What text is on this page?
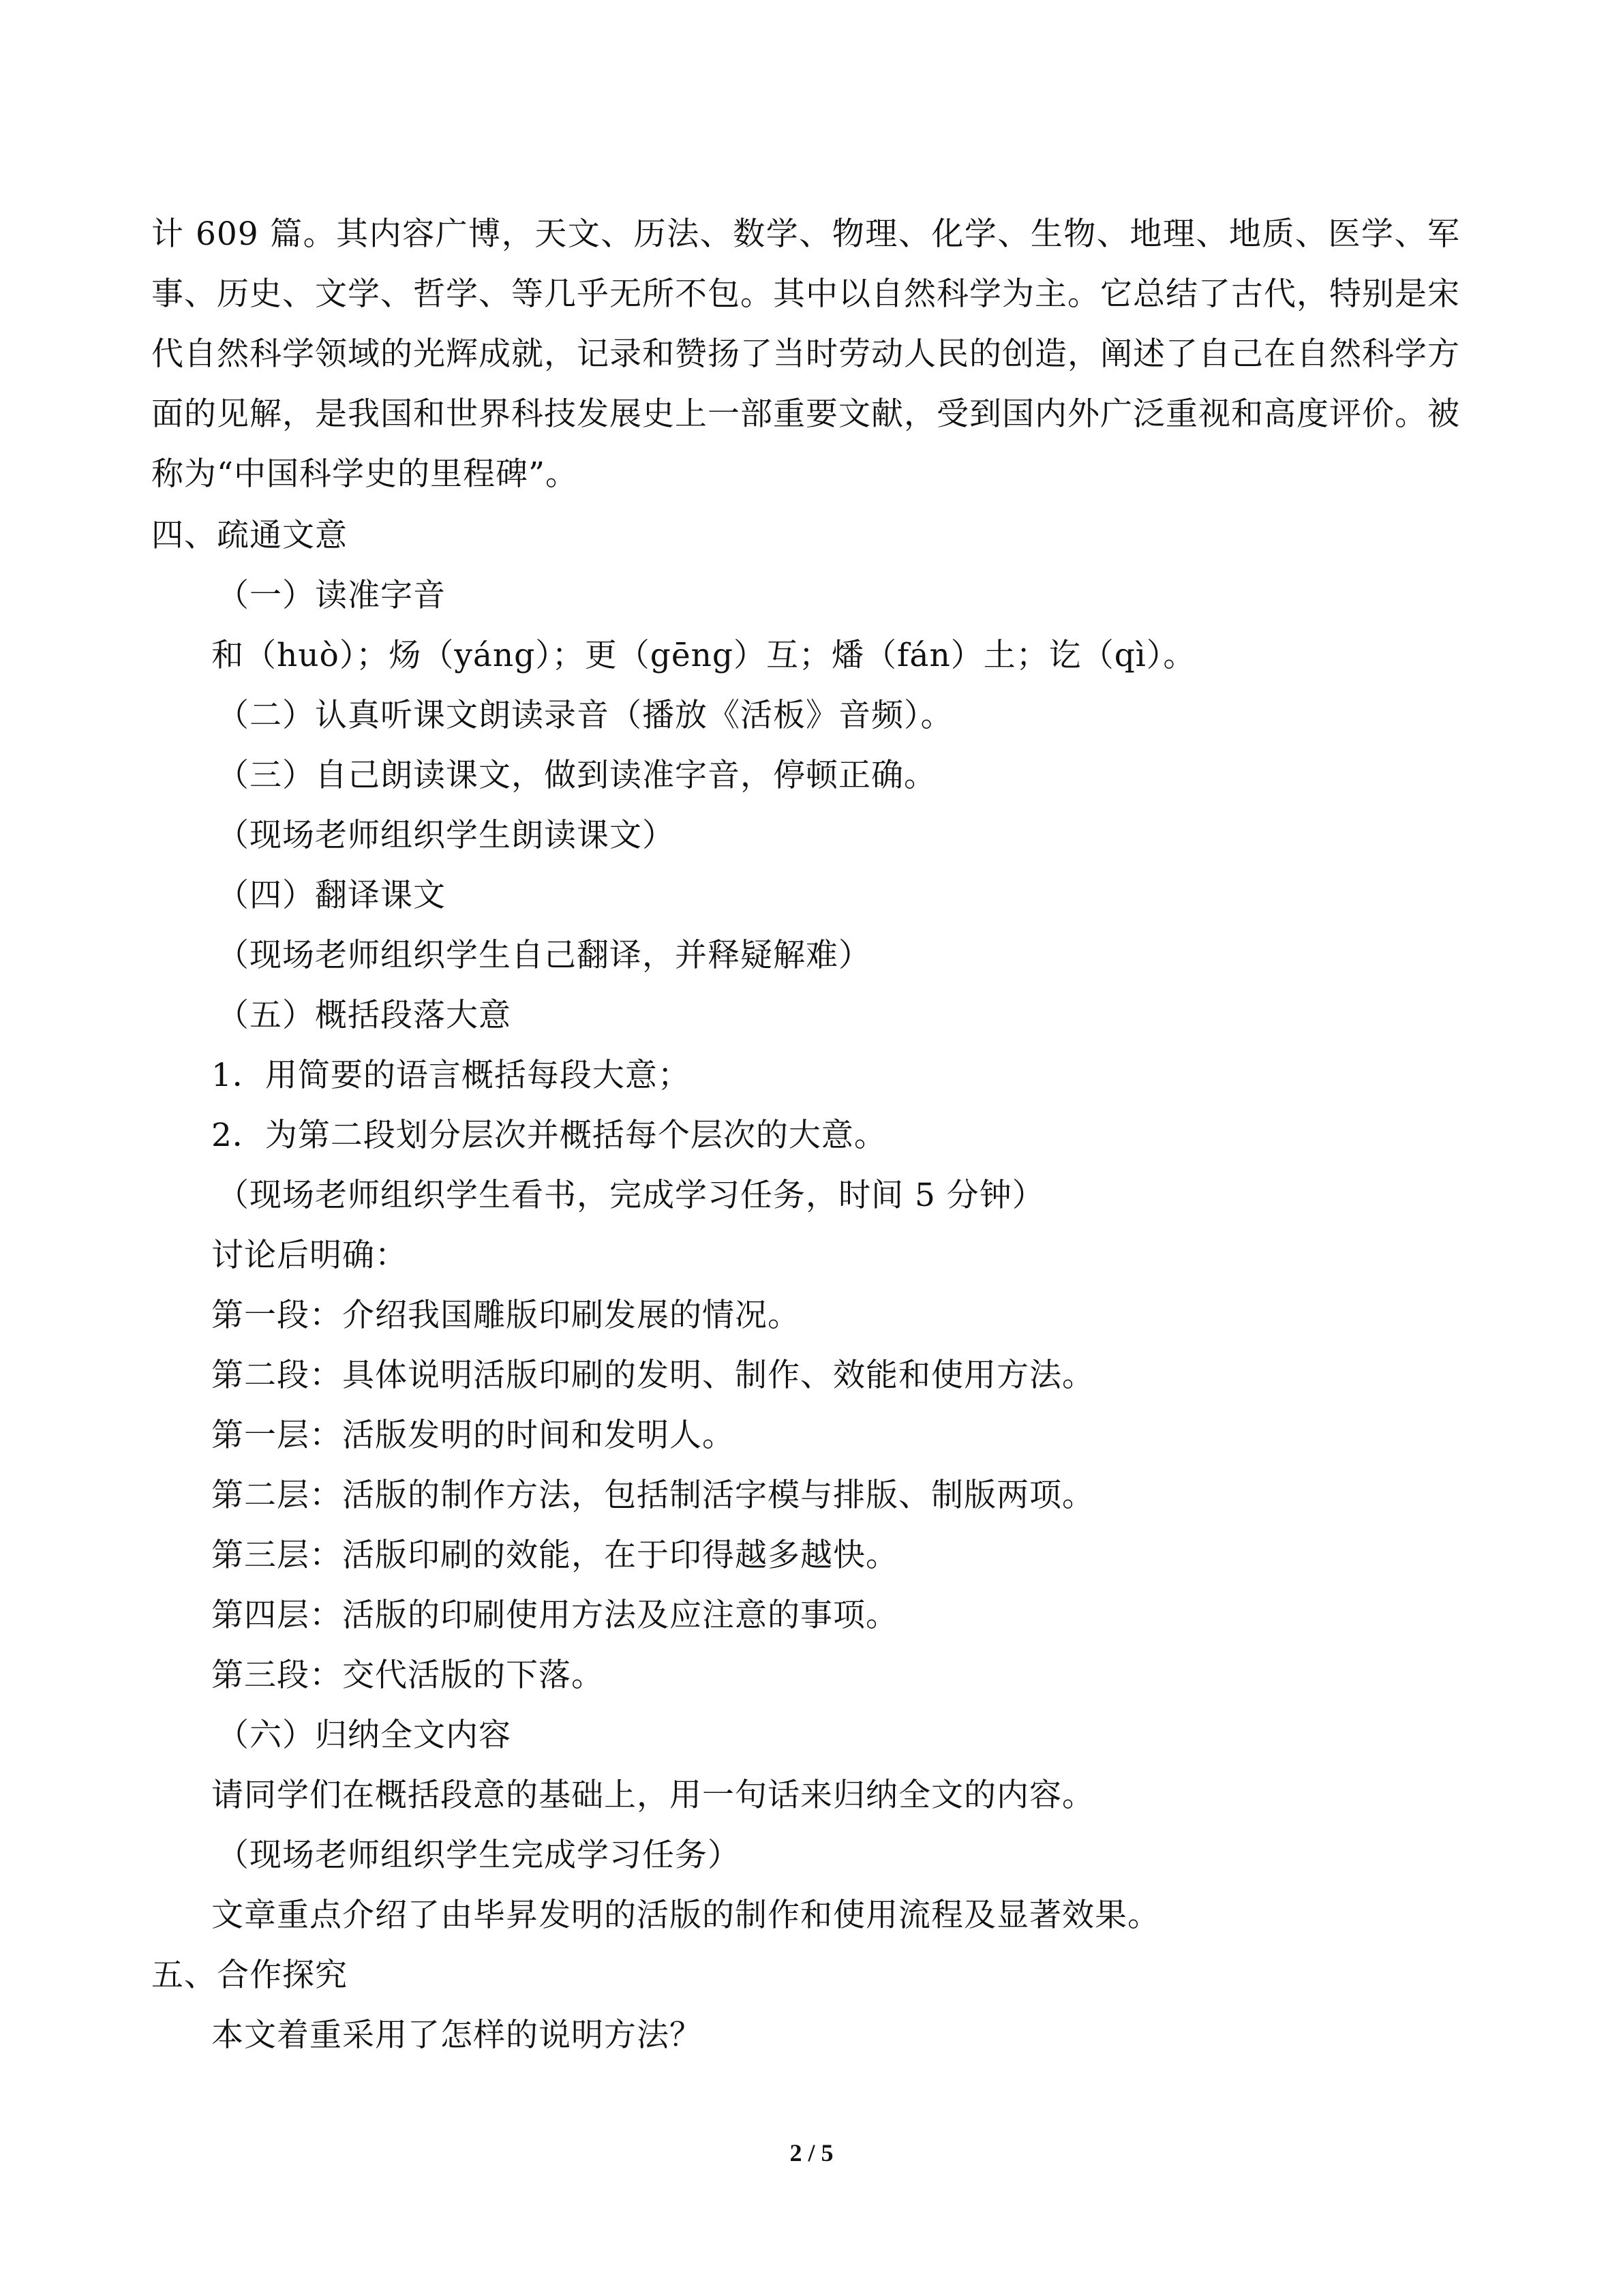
计 609 篇。其内容广博，天文、历法、数学、物理、化学、生物、地理、地质、医学、军事、历史、文学、哲学、等几乎无所不包。其中以自然科学为主。它总结了古代，特别是宋代自然科学领域的光辉成就，记录和赞扬了当时劳动人民的创造，阐述了自己在自然科学方面的见解，是我国和世界科技发展史上一部重要文献，受到国内外广泛重视和高度评价。被称为“中国科学史的里程碑”。

四、疏通文意

（一）读准字音

和（huò）；炀（yáng）；更（gēng）互；燔（fán）土；讫（qì）。

（二）认真听课文朗读录音（播放《活板》音频）。

（三）自己朗读课文，做到读准字音，停顿正确。

（现场老师组织学生朗读课文）

（四）翻译课文

（现场老师组织学生自己翻译，并释疑解难）

（五）概括段落大意

1．用简要的语言概括每段大意；

2．为第二段划分层次并概括每个层次的大意。

（现场老师组织学生看书，完成学习任务，时间 5 分钟）

讨论后明确：

第一段：介绍我国雕版印刷发展的情况。

第二段：具体说明活版印刷的发明、制作、效能和使用方法。

第一层：活版发明的时间和发明人。

第二层：活版的制作方法，包括制活字模与排版、制版两项。

第三层：活版印刷的效能，在于印得越多越快。

第四层：活版的印刷使用方法及应注意的事项。

第三段：交代活版的下落。

（六）归纳全文内容

请同学们在概括段意的基础上，用一句话来归纳全文的内容。

（现场老师组织学生完成学习任务）

文章重点介绍了由毕昇发明的活版的制作和使用流程及显著效果。

五、合作探究

本文着重采用了怎样的说明方法？

2 / 5
